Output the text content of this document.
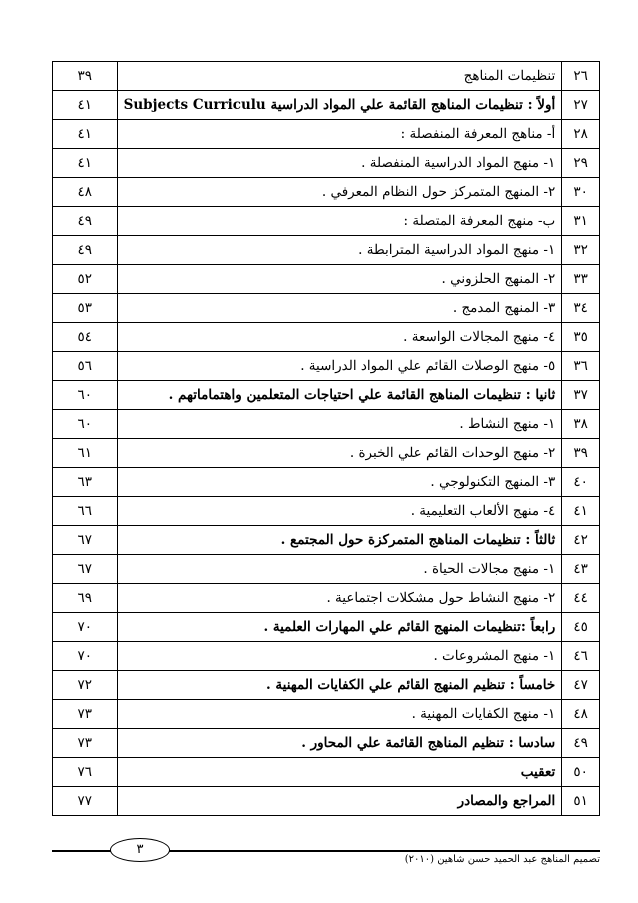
٢٦	تنظيمات المناهج	٣٩
٢٧	أولاً : تنظيمات المناهج القائمة علي المواد الدراسية Subjects Curriculu	٤١
٢٨	أ- مناهج المعرفة المنفصلة :	٤١
٢٩	١- منهج المواد الدراسية المنفصلة .	٤١
٣٠	٢- المنهج المتمركز حول النظام المعرفي .	٤٨
٣١	ب- منهج المعرفة المتصلة :	٤٩
٣٢	١- منهج المواد الدراسية المترابطة .	٤٩
٣٣	٢- المنهج الحلزوني .	٥٢
٣٤	٣- المنهج المدمج .	٥٣
٣٥	٤- منهج المجالات الواسعة .	٥٤
٣٦	٥- منهج الوصلات القائم علي المواد الدراسية .	٥٦
٣٧	ثانيا : تنظيمات المناهج القائمة علي احتياجات المتعلمين واهتماماتهم .	٦٠
٣٨	١- منهج النشاط .	٦٠
٣٩	٢- منهج الوحدات القائم علي الخبرة .	٦١
٤٠	٣- المنهج التكنولوجي .	٦٣
٤١	٤- منهج الألعاب التعليمية .	٦٦
٤٢	ثالثاً : تنظيمات المناهج المتمركزة حول المجتمع .	٦٧
٤٣	١- منهج مجالات الحياة .	٦٧
٤٤	٢- منهج النشاط حول مشكلات اجتماعية .	٦٩
٤٥	رابعاً :تنظيمات المنهج القائم علي المهارات العلمية .	٧٠
٤٦	١- منهج المشروعات .	٧٠
٤٧	خامساً : تنظيم المنهج القائم علي الكفايات المهنية .	٧٢
٤٨	١- منهج الكفايات المهنية .	٧٣
٤٩	سادسا : تنظيم المناهج القائمة علي المحاور .	٧٣
٥٠	تعقيب	٧٦
٥١	المراجع والمصادر	٧٧
٣
تصميم المناهج عبد الحميد حسن شاهين (٢٠١٠)
